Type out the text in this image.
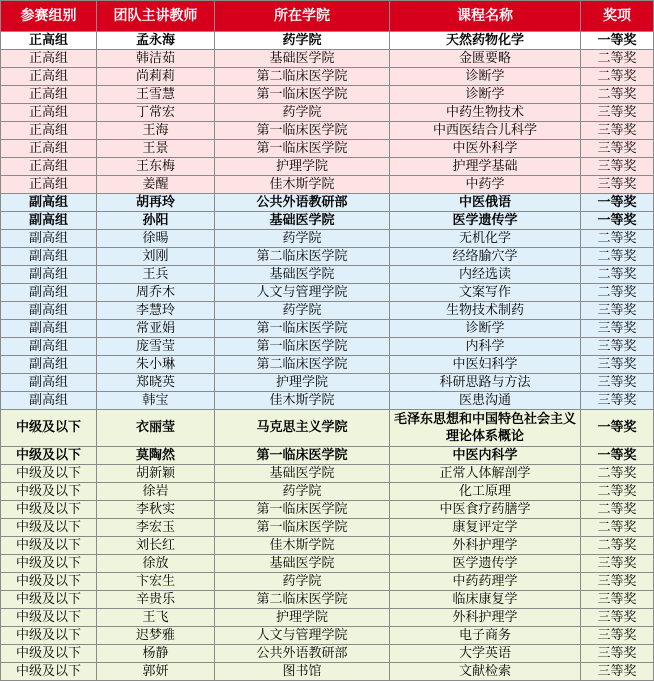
参赛组别	团队主讲教师	所在学院	课程名称	奖项
正高组	孟永海	药学院	天然药物化学	一等奖
正高组	韩洁茹	基础医学院	金匮要略	二等奖
正高组	尚莉莉	第二临床医学院	诊断学	二等奖
正高组	王雪慧	第一临床医学院	诊断学	二等奖
正高组	丁常宏	药学院	中药生物技术	三等奖
正高组	王海	第一临床医学院	中西医结合儿科学	三等奖
正高组	王景	第一临床医学院	中医外科学	三等奖
正高组	王东梅	护理学院	护理学基础	三等奖
正高组	姜醒	佳木斯学院	中药学	三等奖
副高组	胡再玲	公共外语教研部	中医俄语	一等奖
副高组	孙阳	基础医学院	医学遗传学	一等奖
副高组	徐暘	药学院	无机化学	二等奖
副高组	刘刚	第二临床医学院	经络腧穴学	二等奖
副高组	王兵	基础医学院	内经选读	二等奖
副高组	周乔木	人文与管理学院	文案写作	二等奖
副高组	李慧玲	药学院	生物技术制药	三等奖
副高组	常亚娟	第一临床医学院	诊断学	三等奖
副高组	庞雪莹	第一临床医学院	内科学	三等奖
副高组	朱小琳	第二临床医学院	中医妇科学	三等奖
副高组	郑晓英	护理学院	科研思路与方法	三等奖
副高组	韩宝	佳木斯学院	医患沟通	三等奖
中级及以下	衣丽莹	马克思主义学院	毛泽东思想和中国特色社会主义理论体系概论	一等奖
中级及以下	莫陶然	第一临床医学院	中医内科学	一等奖
中级及以下	胡新颖	基础医学院	正常人体解剖学	二等奖
中级及以下	徐岩	药学院	化工原理	二等奖
中级及以下	李秋实	第一临床医学院	中医食疗药膳学	二等奖
中级及以下	李宏玉	第一临床医学院	康复评定学	二等奖
中级及以下	刘长红	佳木斯学院	外科护理学	二等奖
中级及以下	徐放	基础医学院	医学遗传学	三等奖
中级及以下	卞宏生	药学院	中药药理学	三等奖
中级及以下	辛贵乐	第二临床医学院	临床康复学	三等奖
中级及以下	王飞	护理学院	外科护理学	三等奖
中级及以下	迟梦雅	人文与管理学院	电子商务	三等奖
中级及以下	杨静	公共外语教研部	大学英语	三等奖
中级及以下	郭妍	图书馆	文献检索	三等奖
